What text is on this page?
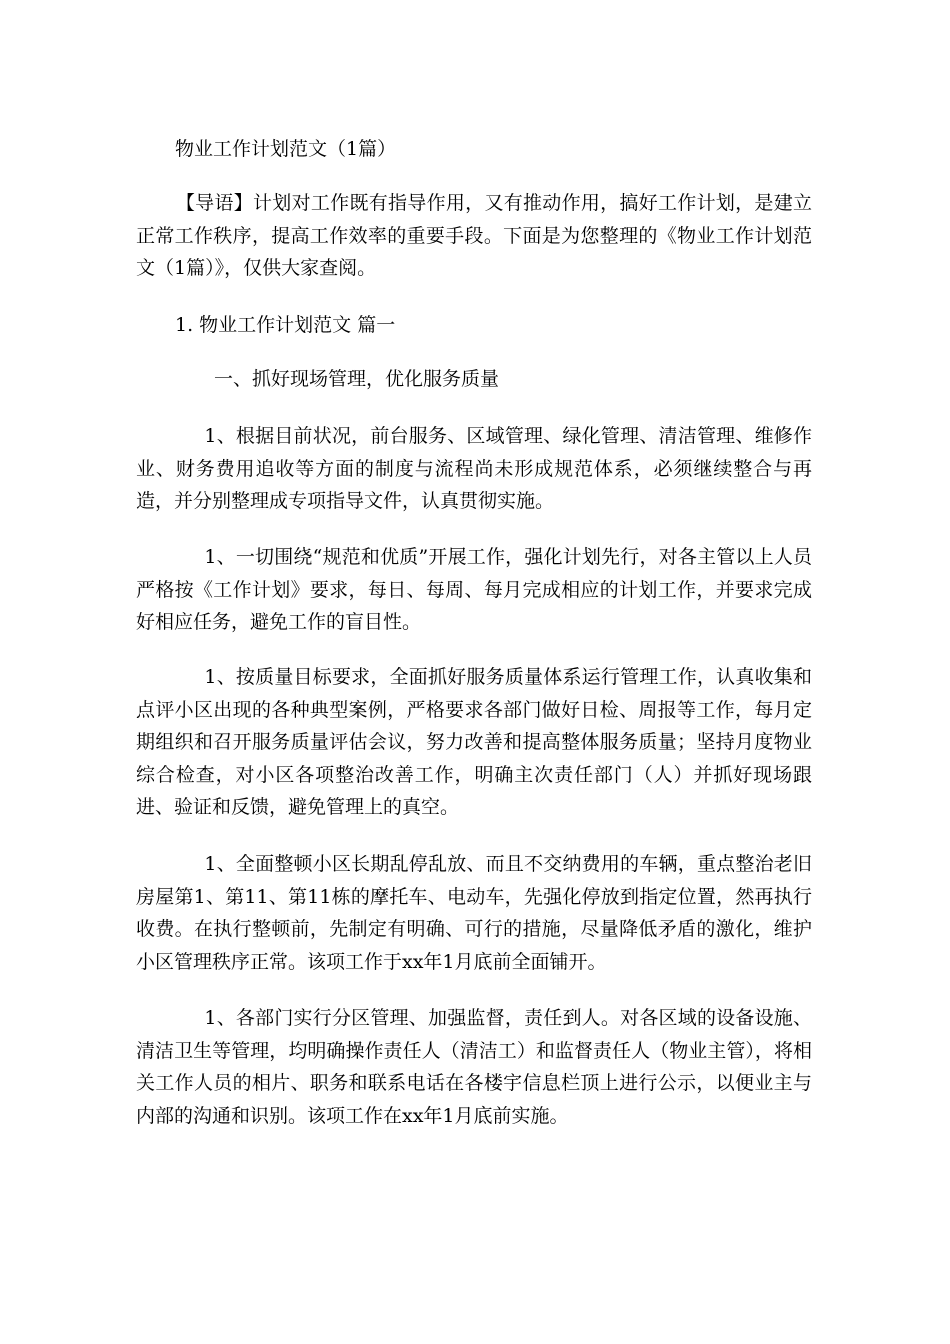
物业工作计划范文（1篇）

【导语】计划对工作既有指导作用，又有推动作用，搞好工作计划，是建立正常工作秩序，提高工作效率的重要手段。下面是为您整理的《物业工作计划范文（1篇）》，仅供大家查阅。

1. 物业工作计划范文 篇一

一、抓好现场管理，优化服务质量

1、根据目前状况，前台服务、区域管理、绿化管理、清洁管理、维修作业、财务费用追收等方面的制度与流程尚未形成规范体系，必须继续整合与再造，并分别整理成专项指导文件，认真贯彻实施。

1、一切围绕“规范和优质”开展工作，强化计划先行，对各主管以上人员严格按《工作计划》要求，每日、每周、每月完成相应的计划工作，并要求完成好相应任务，避免工作的盲目性。

1、按质量目标要求，全面抓好服务质量体系运行管理工作，认真收集和点评小区出现的各种典型案例，严格要求各部门做好日检、周报等工作，每月定期组织和召开服务质量评估会议，努力改善和提高整体服务质量；坚持月度物业综合检查，对小区各项整治改善工作，明确主次责任部门（人）并抓好现场跟进、验证和反馈，避免管理上的真空。

1、全面整顿小区长期乱停乱放、而且不交纳费用的车辆，重点整治老旧房屋第1、第11、第11栋的摩托车、电动车，先强化停放到指定位置，然再执行收费。在执行整顿前，先制定有明确、可行的措施，尽量降低矛盾的激化，维护小区管理秩序正常。该项工作于xx年1月底前全面铺开。

1、各部门实行分区管理、加强监督，责任到人。对各区域的设备设施、清洁卫生等管理，均明确操作责任人（清洁工）和监督责任人（物业主管），将相关工作人员的相片、职务和联系电话在各楼宇信息栏顶上进行公示，以便业主与内部的沟通和识别。该项工作在xx年1月底前实施。
